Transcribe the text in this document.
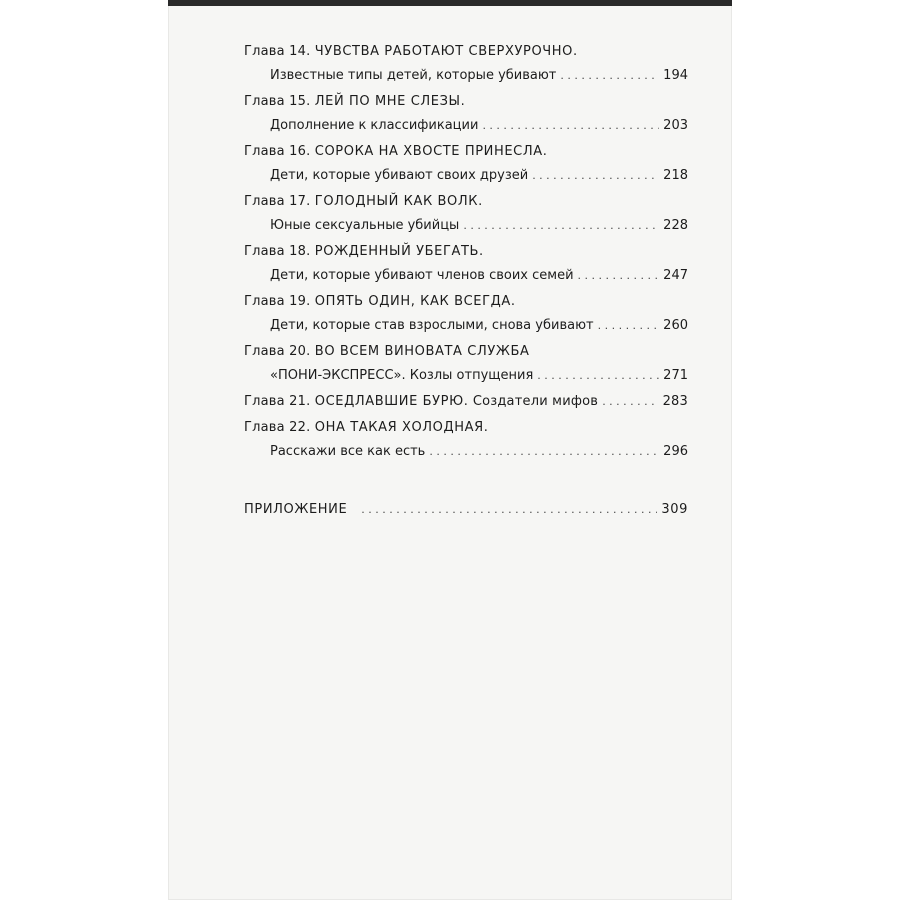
Глава 14.
ЧУВСТВА РАБОТАЮТ СВЕРХУРОЧНО.
Известные типы детей, которые убивают . . .	194
Глава 15.
ЛЕЙ ПО МНЕ СЛЕЗЫ.
Дополнение к классификации . . .	203
Глава 16.
СОРОКА НА ХВОСТЕ ПРИНЕСЛА.
Дети, которые убивают своих друзей . . .	218
Глава 17.
ГОЛОДНЫЙ КАК ВОЛК.
Юные сексуальные убийцы . . .	228
Глава 18.
РОЖДЕННЫЙ УБЕГАТЬ.
Дети, которые убивают членов своих семей . . .	247
Глава 19.
ОПЯТЬ ОДИН, КАК ВСЕГДА.
Дети, которые став взрослыми, снова убивают . . .	260
Глава 20.
ВО ВСЕМ ВИНОВАТА СЛУЖБА
«ПОНИ-ЭКСПРЕСС». Козлы отпущения . . .	271
Глава 21.
ОСЕДЛАВШИЕ БУРЮ.
Создатели мифов . . .	283
Глава 22.
ОНА ТАКАЯ ХОЛОДНАЯ.
Расскажи все как есть . . .	296
ПРИЛОЖЕНИЕ . . .	309
